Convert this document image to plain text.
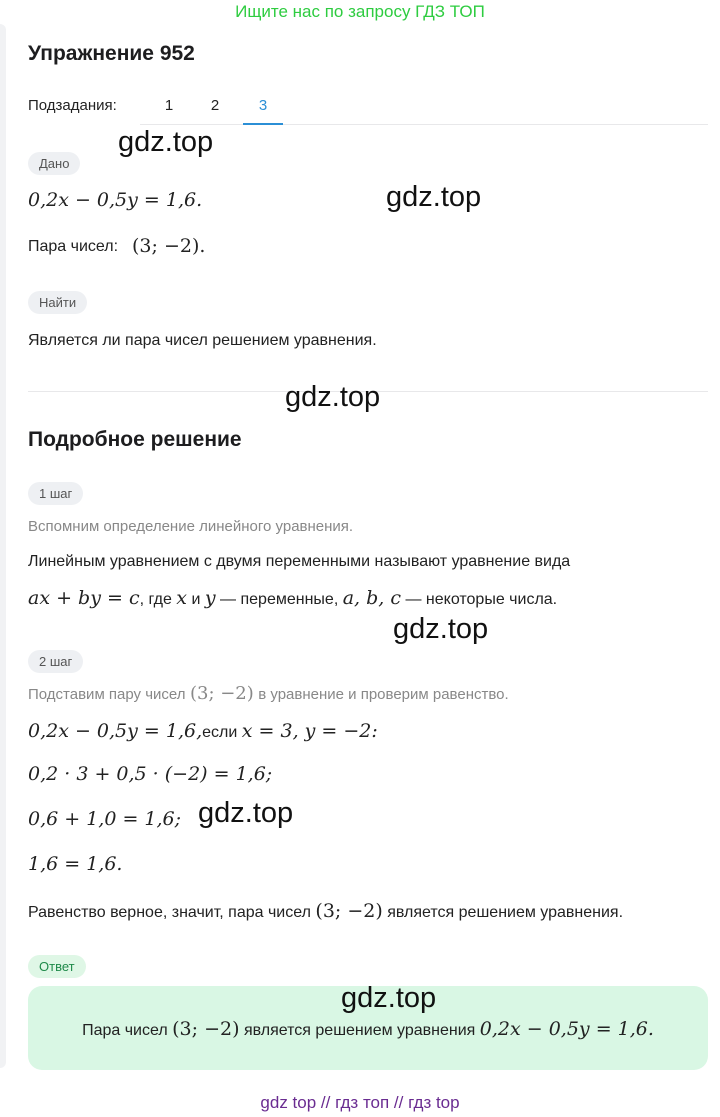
Ищите нас по запросу ГДЗ ТОП
Упражнение 952
Подзадания:	1	2	3
gdz.top
Дано
0,2x − 0,5y = 1,6.	gdz.top
Пара чисел: (3; −2).
Найти
Является ли пара чисел решением уравнения.
gdz.top
Подробное решение
1 шаг
Вспомним определение линейного уравнения.
Линейным уравнением с двумя переменными называют уравнение вида
ax + by = c, где x и y — переменные, a, b, c — некоторые числа.
gdz.top
2 шаг
Подставим пару чисел (3; −2) в уравнение и проверим равенство.
0,2x − 0,5y = 1,6,если x = 3, y = −2:
0,2 · 3 + 0,5 · (−2) = 1,6;
0,6 + 1,0 = 1,6; gdz.top
1,6 = 1,6.
Равенство верное, значит, пара чисел (3; −2) является решением уравнения.
Ответ
gdz.top
Пара чисел (3; −2) является решением уравнения 0,2x − 0,5y = 1,6.
gdz top // гдз топ // гдз top
